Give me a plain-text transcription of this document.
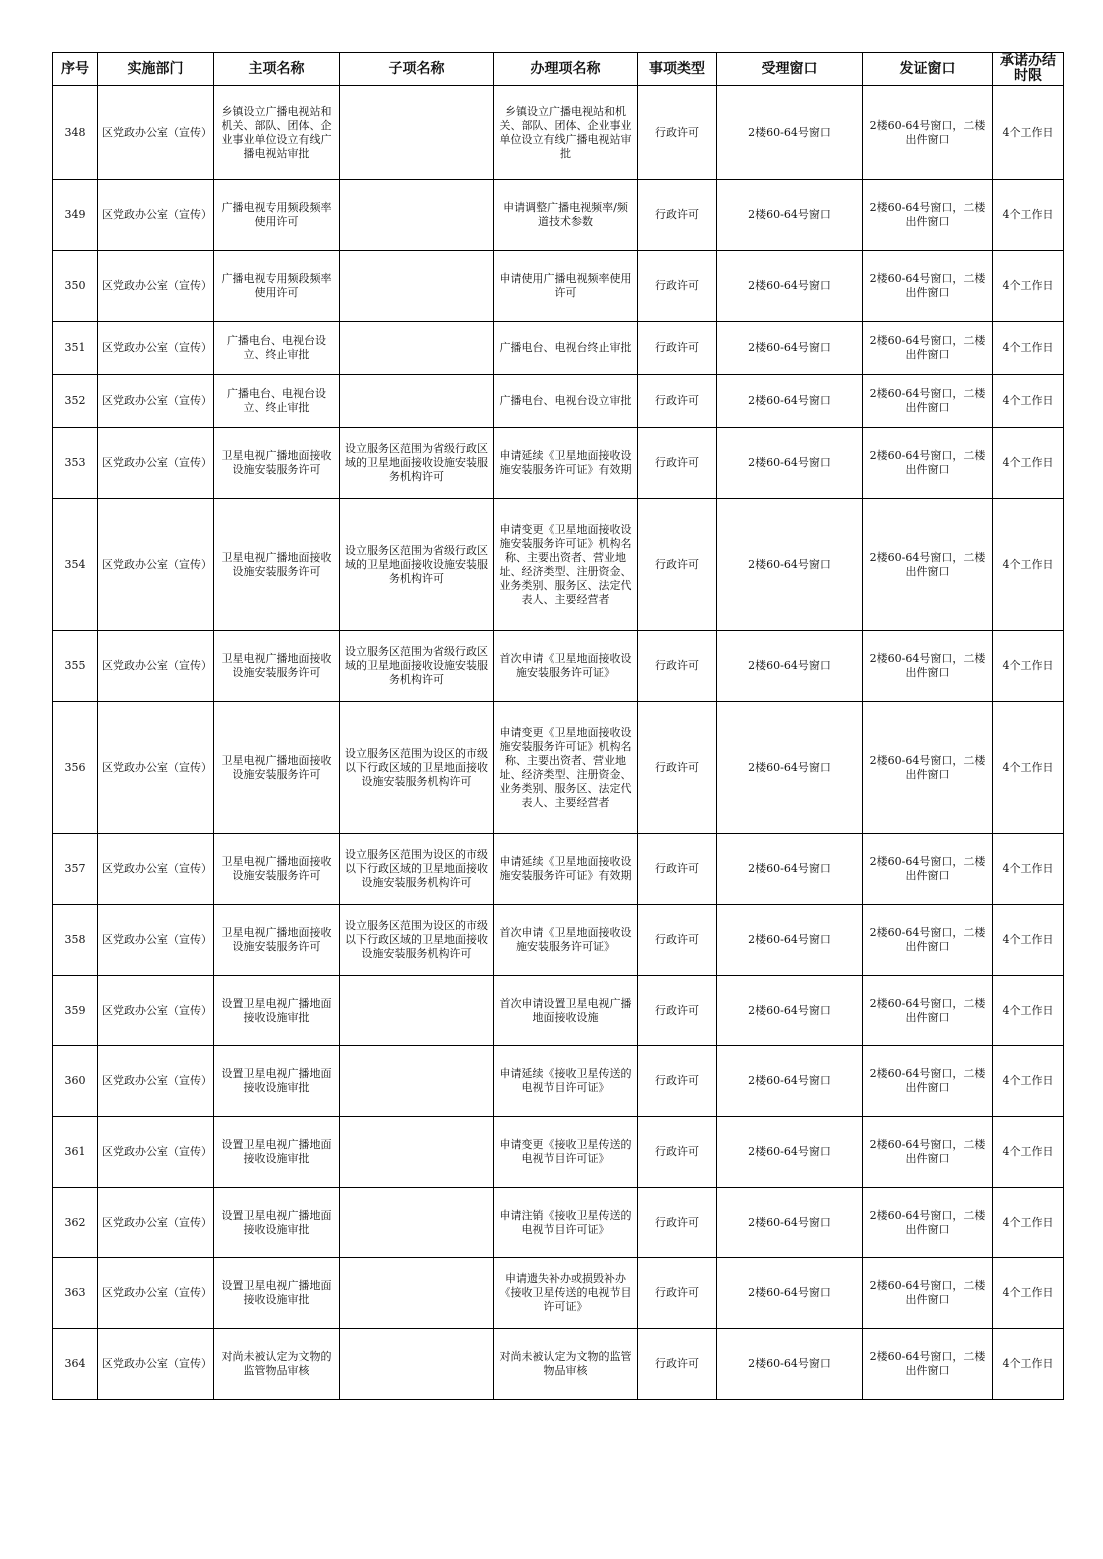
序号	实施部门	主项名称	子项名称	办理项名称	事项类型	受理窗口	发证窗口	承诺办结时限
348	区党政办公室（宣传）	乡镇设立广播电视站和机关、部队、团体、企业事业单位设立有线广播电视站审批		乡镇设立广播电视站和机关、部队、团体、企业事业单位设立有线广播电视站审批	行政许可	2楼60-64号窗口	2楼60-64号窗口，二楼出件窗口	4个工作日
349	区党政办公室（宣传）	广播电视专用频段频率使用许可		申请调整广播电视频率/频道技术参数	行政许可	2楼60-64号窗口	2楼60-64号窗口，二楼出件窗口	4个工作日
350	区党政办公室（宣传）	广播电视专用频段频率使用许可		申请使用广播电视频率使用许可	行政许可	2楼60-64号窗口	2楼60-64号窗口，二楼出件窗口	4个工作日
351	区党政办公室（宣传）	广播电台、电视台设立、终止审批		广播电台、电视台终止审批	行政许可	2楼60-64号窗口	2楼60-64号窗口，二楼出件窗口	4个工作日
352	区党政办公室（宣传）	广播电台、电视台设立、终止审批		广播电台、电视台设立审批	行政许可	2楼60-64号窗口	2楼60-64号窗口，二楼出件窗口	4个工作日
353	区党政办公室（宣传）	卫星电视广播地面接收设施安装服务许可	设立服务区范围为省级行政区域的卫星地面接收设施安装服务机构许可	申请延续《卫星地面接收设施安装服务许可证》有效期	行政许可	2楼60-64号窗口	2楼60-64号窗口，二楼出件窗口	4个工作日
354	区党政办公室（宣传）	卫星电视广播地面接收设施安装服务许可	设立服务区范围为省级行政区域的卫星地面接收设施安装服务机构许可	申请变更《卫星地面接收设施安装服务许可证》机构名称、主要出资者、营业地址、经济类型、注册资金、业务类别、服务区、法定代表人、主要经营者	行政许可	2楼60-64号窗口	2楼60-64号窗口，二楼出件窗口	4个工作日
355	区党政办公室（宣传）	卫星电视广播地面接收设施安装服务许可	设立服务区范围为省级行政区域的卫星地面接收设施安装服务机构许可	首次申请《卫星地面接收设施安装服务许可证》	行政许可	2楼60-64号窗口	2楼60-64号窗口，二楼出件窗口	4个工作日
356	区党政办公室（宣传）	卫星电视广播地面接收设施安装服务许可	设立服务区范围为设区的市级以下行政区域的卫星地面接收设施安装服务机构许可	申请变更《卫星地面接收设施安装服务许可证》机构名称、主要出资者、营业地址、经济类型、注册资金、业务类别、服务区、法定代表人、主要经营者	行政许可	2楼60-64号窗口	2楼60-64号窗口，二楼出件窗口	4个工作日
357	区党政办公室（宣传）	卫星电视广播地面接收设施安装服务许可	设立服务区范围为设区的市级以下行政区域的卫星地面接收设施安装服务机构许可	申请延续《卫星地面接收设施安装服务许可证》有效期	行政许可	2楼60-64号窗口	2楼60-64号窗口，二楼出件窗口	4个工作日
358	区党政办公室（宣传）	卫星电视广播地面接收设施安装服务许可	设立服务区范围为设区的市级以下行政区域的卫星地面接收设施安装服务机构许可	首次申请《卫星地面接收设施安装服务许可证》	行政许可	2楼60-64号窗口	2楼60-64号窗口，二楼出件窗口	4个工作日
359	区党政办公室（宣传）	设置卫星电视广播地面接收设施审批		首次申请设置卫星电视广播地面接收设施	行政许可	2楼60-64号窗口	2楼60-64号窗口，二楼出件窗口	4个工作日
360	区党政办公室（宣传）	设置卫星电视广播地面接收设施审批		申请延续《接收卫星传送的电视节目许可证》	行政许可	2楼60-64号窗口	2楼60-64号窗口，二楼出件窗口	4个工作日
361	区党政办公室（宣传）	设置卫星电视广播地面接收设施审批		申请变更《接收卫星传送的电视节目许可证》	行政许可	2楼60-64号窗口	2楼60-64号窗口，二楼出件窗口	4个工作日
362	区党政办公室（宣传）	设置卫星电视广播地面接收设施审批		申请注销《接收卫星传送的电视节目许可证》	行政许可	2楼60-64号窗口	2楼60-64号窗口，二楼出件窗口	4个工作日
363	区党政办公室（宣传）	设置卫星电视广播地面接收设施审批		申请遗失补办或损毁补办《接收卫星传送的电视节目许可证》	行政许可	2楼60-64号窗口	2楼60-64号窗口，二楼出件窗口	4个工作日
364	区党政办公室（宣传）	对尚未被认定为文物的监管物品审核		对尚未被认定为文物的监管物品审核	行政许可	2楼60-64号窗口	2楼60-64号窗口，二楼出件窗口	4个工作日
